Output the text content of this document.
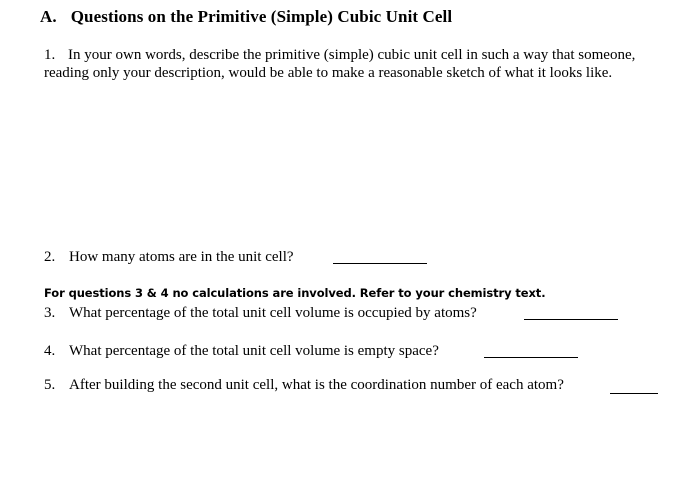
A. Questions on the Primitive (Simple) Cubic Unit Cell
1. In your own words, describe the primitive (simple) cubic unit cell in such a way that someone,
reading only your description, would be able to make a reasonable sketch of what it looks like.
2. How many atoms are in the unit cell?
For questions 3 & 4 no calculations are involved. Refer to your chemistry text.
3. What percentage of the total unit cell volume is occupied by atoms?
4. What percentage of the total unit cell volume is empty space?
5. After building the second unit cell, what is the coordination number of each atom?
